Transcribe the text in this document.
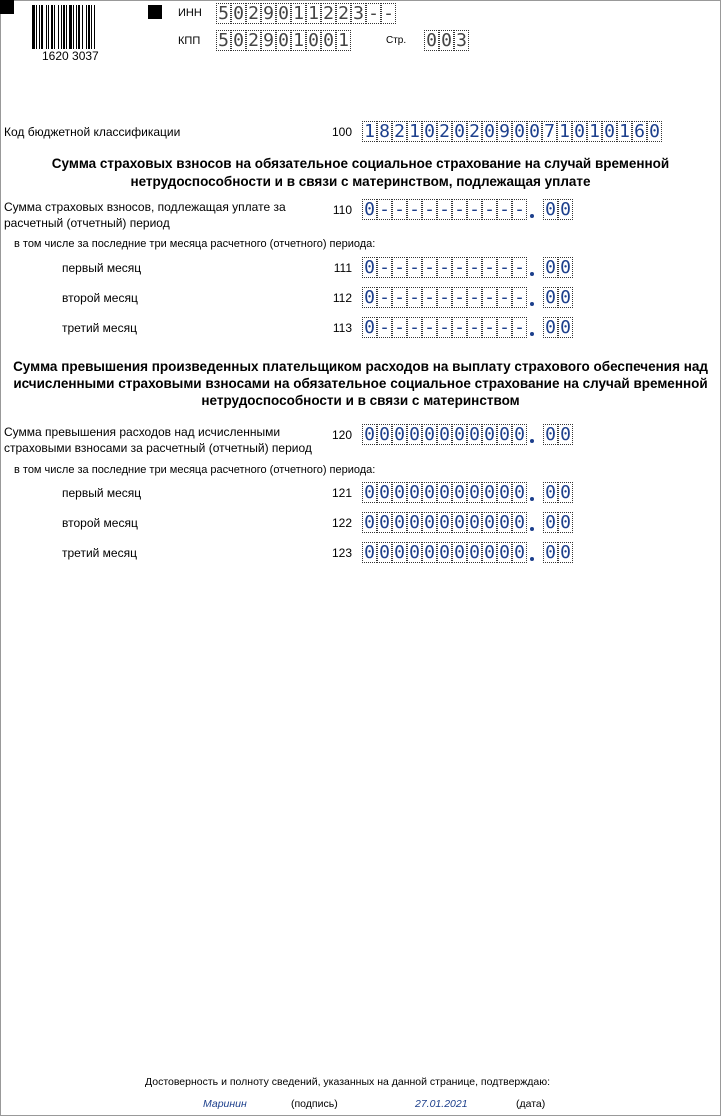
1620 3037
ИНН 5 0 2 9 0 1 1 2 2 3 - -
КПП 5 0 2 9 0 1 0 0 1	Стр. 0 0 3
Код бюджетной классификации	100 1 8 2 1 0 2 0 2 0 9 0 0 7 1 0 1 0 1 6 0
Сумма страховых взносов на обязательное социальное страхование на случай временной
нетрудоспособности и в связи с материнством, подлежащая уплате
Сумма страховых взносов, подлежащая уплате за
расчетный (отчетный) период
в том числе за последние три месяца расчетного (отчетного) периода:
110 0 - - - - - - - - - - 0 0
первый месяц	111 0 - - - - - - - - - - 0 0
второй месяц	112 0 - - - - - - - - - - 0 0
третий месяц	113 0 - - - - - - - - - - 0 0
Сумма превышения произведенных плательщиком расходов на выплату страхового обеспечения над
исчисленными страховыми взносами на обязательное социальное страхование на случай временной
нетрудоспособности и в связи с материнством
Сумма превышения расходов над исчисленными
страховыми взносами за расчетный (отчетный) период
в том числе за последние три месяца расчетного (отчетного) периода:
120 0 0 0 0 0 0 0 0 0 0 0 0 0
первый месяц	121 0 0 0 0 0 0 0 0 0 0 0 0 0
второй месяц	122 0 0 0 0 0 0 0 0 0 0 0 0 0
третий месяц	123 0 0 0 0 0 0 0 0 0 0 0 0 0
Достоверность и полноту сведений, указанных на данной странице, подтверждаю:
Маринин	(подпись)	27.01.2021	(дата)
